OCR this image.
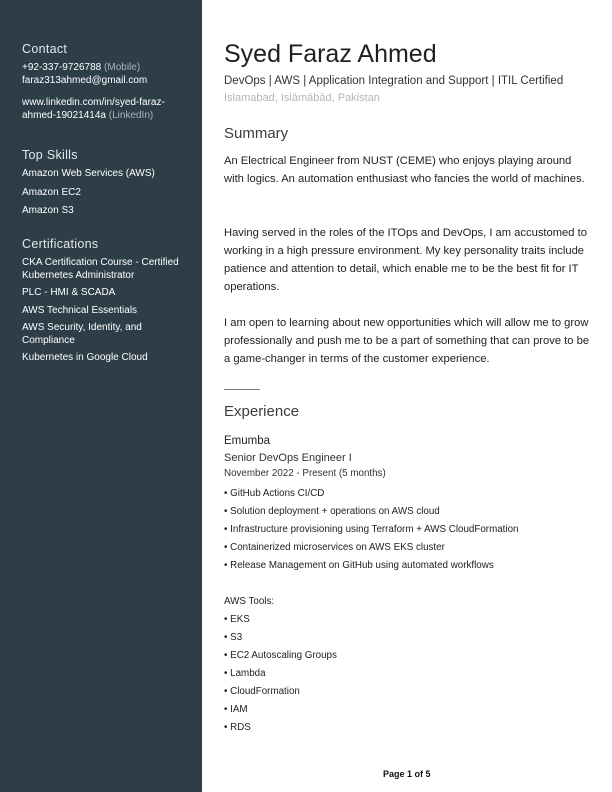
Contact
+92-337-9726788 (Mobile)
faraz313ahmed@gmail.com
www.linkedin.com/in/syed-faraz-
ahmed-19021414a (LinkedIn)
Top Skills
Amazon Web Services (AWS)
Amazon EC2
Amazon S3
Certifications
CKA Certification Course - Certified Kubernetes Administrator
PLC - HMI & SCADA
AWS Technical Essentials
AWS Security, Identity, and Compliance
Kubernetes in Google Cloud
Syed Faraz Ahmed
DevOps | AWS | Application Integration and Support | ITIL Certified
Islamabad, Islāmābād, Pakistan
Summary

An Electrical Engineer from NUST (CEME) who enjoys playing around with logics. An automation enthusiast who fancies the world of machines.

Having served in the roles of the ITOps and DevOps, I am accustomed to working in a high pressure environment. My key personality traits include patience and attention to detail, which enable me to be the best fit for IT operations.

I am open to learning about new opportunities which will allow me to grow professionally and push me to be a part of something that can prove to be a game-changer in terms of the customer experience.

Experience
Emumba
Senior DevOps Engineer I
November 2022 - Present (5 months)
• GitHub Actions CI/CD
• Solution deployment + operations on AWS cloud
• Infrastructure provisioning using Terraform + AWS CloudFormation
• Containerized microservices on AWS EKS cluster
• Release Management on GitHub using automated workflows
AWS Tools:
• EKS
• S3
• EC2 Autoscaling Groups
• Lambda
• CloudFormation
• IAM
• RDS
Page 1 of 5
